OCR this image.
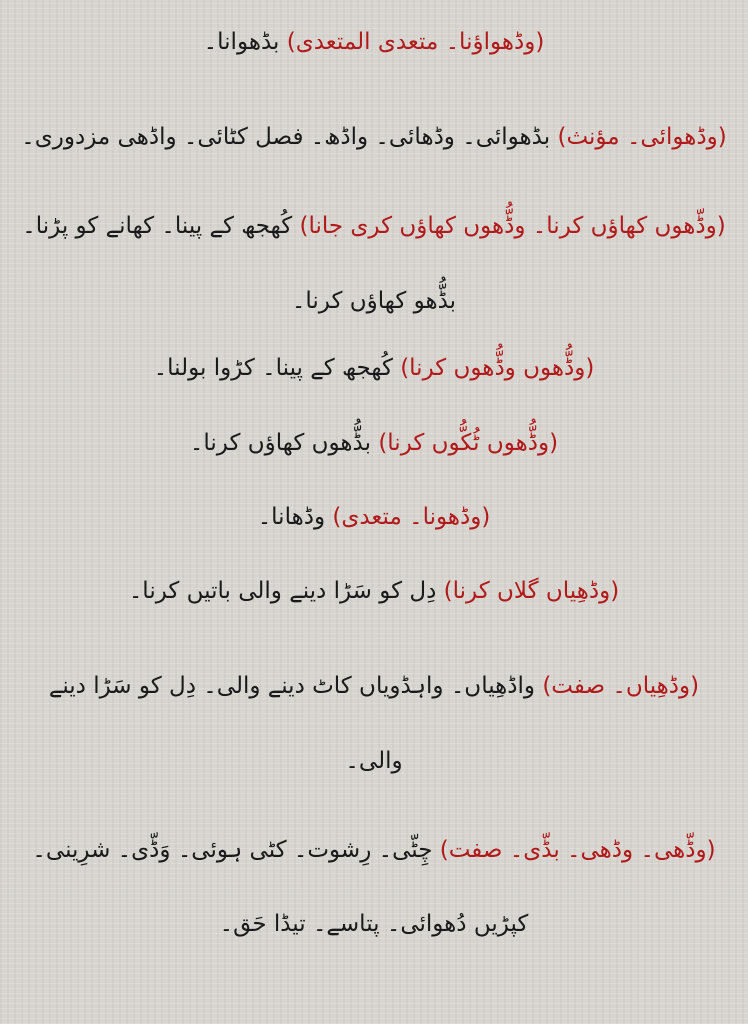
(وڈھواؤنا۔ متعدی المتعدی) بڈھوانا۔

(وڈھوائی۔ مؤنث) بڈھوائی۔ وڈھائی۔ واڈھ۔ فصل کٹائی۔ واڈھی مزدوری۔

(وڈّھوں کھاؤں کرنا۔ وڈُّھوں کھاؤں کری جانا) کُھجھ کے پینا۔ کھانے کو پڑنا۔ بڈُّھو کھاؤں کرنا۔

(وڈُّھوں وڈُّھوں کرنا) کُھجھ کے پینا۔ کڑوا بولنا۔

(وڈُّھوں ٹُکُّوں کرنا) بڈُّھوں کھاؤں کرنا۔

(وڈھونا۔ متعدی) وڈھانا۔

(وڈھِیاں گلاں کرنا) دِل کو سَڑا دینے والی باتیں کرنا۔

(وڈھِیاں۔ صفت) واڈھِیاں۔ واہڈویاں کاٹ دینے والی۔ دِل کو سَڑا دینے والی۔

(وڈّھی۔ وڈھی۔ بڈّی۔ صفت) چِٹّی۔ رِشوت۔ کٹی ہوئی۔ وَڈّی۔ شرِینی۔ کپڑیں دُھوائی۔ پتاسے۔ تیڈا حَق۔
